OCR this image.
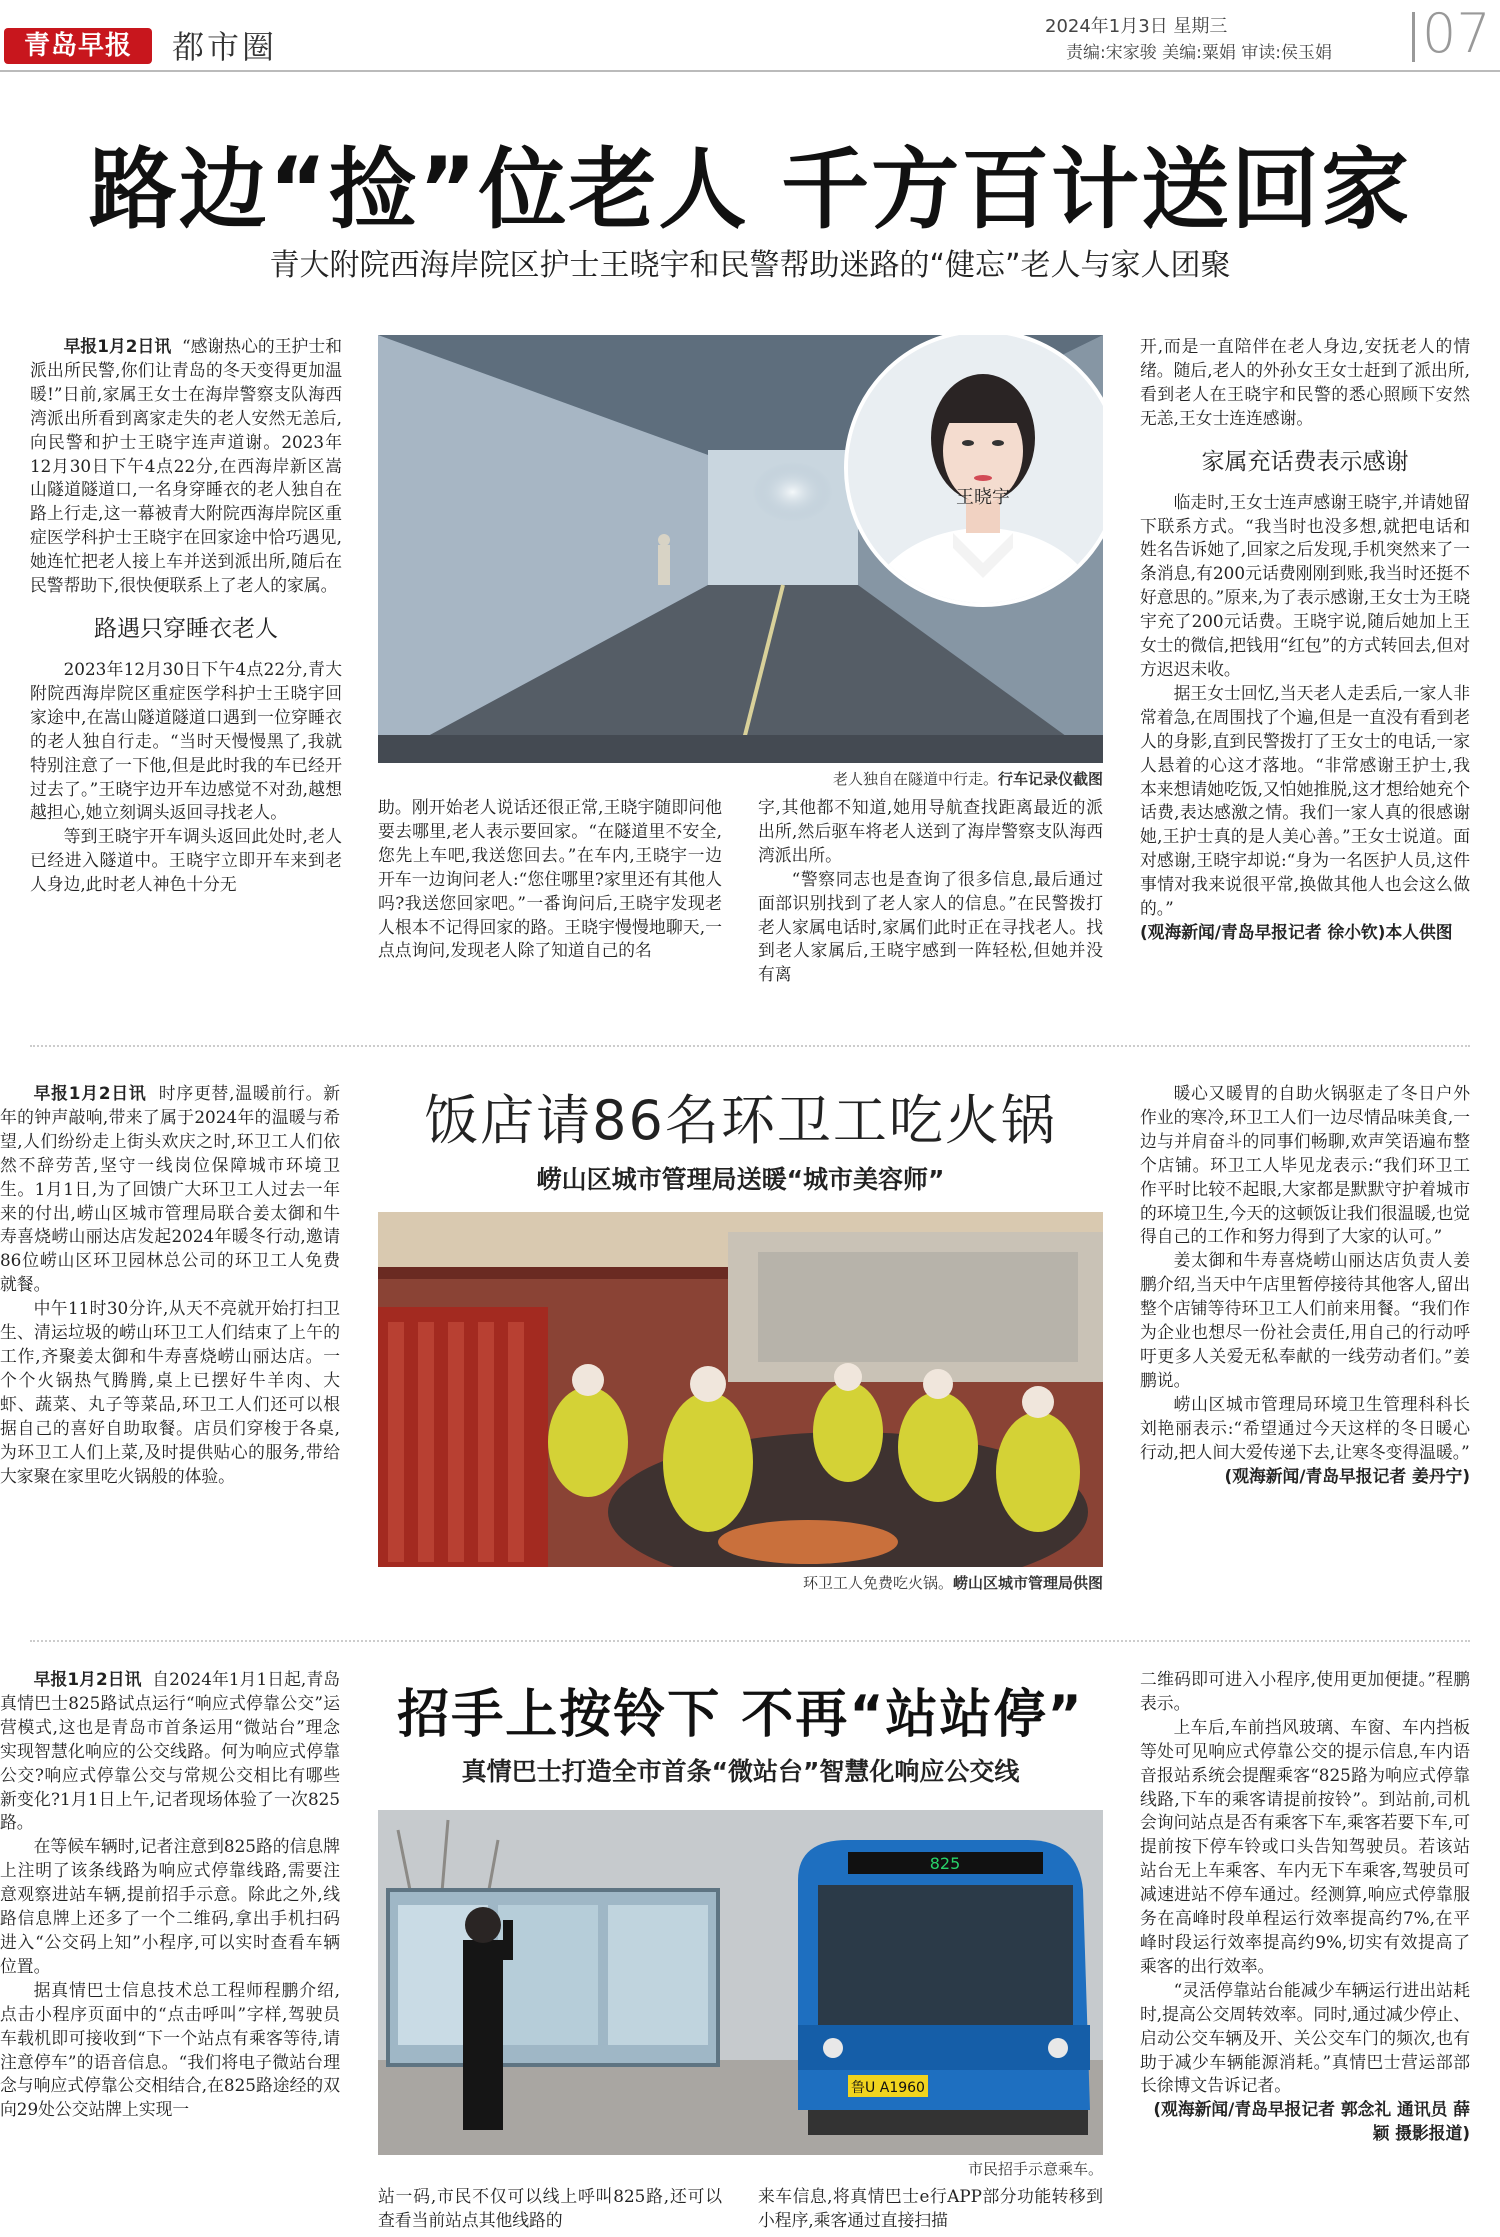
青岛早报	都市圈
2024年1月3日 星期三
责编:宋家骏 美编:粟娟 审读:侯玉娟 07
路边“捡”位老人 千方百计送回家
青大附院西海岸院区护士王晓宇和民警帮助迷路的“健忘”老人与家人团聚

早报1月2日讯 “感谢热心的王护士和派出所民警,你们让青岛的冬天变得更加温暖!”日前,家属王女士在海岸警察支队海西湾派出所看到离家走失的老人安然无恙后,向民警和护士王晓宇连声道谢。2023年12月30日下午4点22分,在西海岸新区嵩山隧道隧道口,一名身穿睡衣的老人独自在路上行走,这一幕被青大附院西海岸院区重症医学科护士王晓宇在回家途中恰巧遇见,她连忙把老人接上车并送到派出所,随后在民警帮助下,很快便联系上了老人的家属。

路遇只穿睡衣老人

2023年12月30日下午4点22分,青大附院西海岸院区重症医学科护士王晓宇回家途中,在嵩山隧道隧道口遇到一位穿睡衣的老人独自行走。“当时天慢慢黑了,我就特别注意了一下他,但是此时我的车已经开过去了。”王晓宇边开车边感觉不对劲,越想越担心,她立刻调头返回寻找老人。

等到王晓宇开车调头返回此处时,老人已经进入隧道中。王晓宇立即开车来到老人身边,此时老人神色十分无

王晓宇
老人独自在隧道中行走。行车记录仪截图

助。刚开始老人说话还很正常,王晓宇随即问他要去哪里,老人表示要回家。“在隧道里不安全,您先上车吧,我送您回去。”在车内,王晓宇一边开车一边询问老人:“您住哪里?家里还有其他人吗?我送您回家吧。”一番询问后,王晓宇发现老人根本不记得回家的路。王晓宇慢慢地聊天,一点点询问,发现老人除了知道自己的名

字,其他都不知道,她用导航查找距离最近的派出所,然后驱车将老人送到了海岸警察支队海西湾派出所。

“警察同志也是查询了很多信息,最后通过面部识别找到了老人家人的信息。”在民警拨打老人家属电话时,家属们此时正在寻找老人。找到老人家属后,王晓宇感到一阵轻松,但她并没有离

开,而是一直陪伴在老人身边,安抚老人的情绪。随后,老人的外孙女王女士赶到了派出所,看到老人在王晓宇和民警的悉心照顾下安然无恙,王女士连连感谢。

家属充话费表示感谢

临走时,王女士连声感谢王晓宇,并请她留下联系方式。“我当时也没多想,就把电话和姓名告诉她了,回家之后发现,手机突然来了一条消息,有200元话费刚刚到账,我当时还挺不好意思的。”原来,为了表示感谢,王女士为王晓宇充了200元话费。王晓宇说,随后她加上王女士的微信,把钱用“红包”的方式转回去,但对方迟迟未收。

据王女士回忆,当天老人走丢后,一家人非常着急,在周围找了个遍,但是一直没有看到老人的身影,直到民警拨打了王女士的电话,一家人悬着的心这才落地。“非常感谢王护士,我本来想请她吃饭,又怕她推脱,这才想给她充个话费,表达感激之情。我们一家人真的很感谢她,王护士真的是人美心善。”王女士说道。面对感谢,王晓宇却说:“身为一名医护人员,这件事情对我来说很平常,换做其他人也会这么做的。”

(观海新闻/青岛早报记者 徐小钦)本人供图

早报1月2日讯 时序更替,温暖前行。新年的钟声敲响,带来了属于2024年的温暖与希望,人们纷纷走上街头欢庆之时,环卫工人们依然不辞劳苦,坚守一线岗位保障城市环境卫生。1月1日,为了回馈广大环卫工人过去一年来的付出,崂山区城市管理局联合姜太御和牛寿喜烧崂山丽达店发起2024年暖冬行动,邀请86位崂山区环卫园林总公司的环卫工人免费就餐。

中午11时30分许,从天不亮就开始打扫卫生、清运垃圾的崂山环卫工人们结束了上午的工作,齐聚姜太御和牛寿喜烧崂山丽达店。一个个火锅热气腾腾,桌上已摆好牛羊肉、大虾、蔬菜、丸子等菜品,环卫工人们还可以根据自己的喜好自助取餐。店员们穿梭于各桌,为环卫工人们上菜,及时提供贴心的服务,带给大家聚在家里吃火锅般的体验。

饭店请86名环卫工吃火锅
崂山区城市管理局送暖“城市美容师”
环卫工人免费吃火锅。崂山区城市管理局供图

暖心又暖胃的自助火锅驱走了冬日户外作业的寒冷,环卫工人们一边尽情品味美食,一边与并肩奋斗的同事们畅聊,欢声笑语遍布整个店铺。环卫工人毕见龙表示:“我们环卫工作平时比较不起眼,大家都是默默守护着城市的环境卫生,今天的这顿饭让我们很温暖,也觉得自己的工作和努力得到了大家的认可。”

姜太御和牛寿喜烧崂山丽达店负责人姜鹏介绍,当天中午店里暂停接待其他客人,留出整个店铺等待环卫工人们前来用餐。“我们作为企业也想尽一份社会责任,用自己的行动呼吁更多人关爱无私奉献的一线劳动者们。”姜鹏说。

崂山区城市管理局环境卫生管理科科长刘艳丽表示:“希望通过今天这样的冬日暖心行动,把人间大爱传递下去,让寒冬变得温暖。”

(观海新闻/青岛早报记者 姜丹宁)

早报1月2日讯 自2024年1月1日起,青岛真情巴士825路试点运行“响应式停靠公交”运营模式,这也是青岛市首条运用“微站台”理念实现智慧化响应的公交线路。何为响应式停靠公交?响应式停靠公交与常规公交相比有哪些新变化?1月1日上午,记者现场体验了一次825路。

在等候车辆时,记者注意到825路的信息牌上注明了该条线路为响应式停靠线路,需要注意观察进站车辆,提前招手示意。除此之外,线路信息牌上还多了一个二维码,拿出手机扫码进入“公交码上知”小程序,可以实时查看车辆位置。

据真情巴士信息技术总工程师程鹏介绍,点击小程序页面中的“点击呼叫”字样,驾驶员车载机即可接收到“下一个站点有乘客等待,请注意停车”的语音信息。“我们将电子微站台理念与响应式停靠公交相结合,在825路途经的双向29处公交站牌上实现一

招手上按铃下 不再“站站停”
真情巴士打造全市首条“微站台”智慧化响应公交线
825
鲁U A1960
市民招手示意乘车。

站一码,市民不仅可以线上呼叫825路,还可以查看当前站点其他线路的

来车信息,将真情巴士e行APP部分功能转移到小程序,乘客通过直接扫描

二维码即可进入小程序,使用更加便捷。”程鹏表示。

上车后,车前挡风玻璃、车窗、车内挡板等处可见响应式停靠公交的提示信息,车内语音报站系统会提醒乘客“825路为响应式停靠线路,下车的乘客请提前按铃”。到站前,司机会询问站点是否有乘客下车,乘客若要下车,可提前按下停车铃或口头告知驾驶员。若该站站台无上车乘客、车内无下车乘客,驾驶员可减速进站不停车通过。经测算,响应式停靠服务在高峰时段单程运行效率提高约7%,在平峰时段运行效率提高约9%,切实有效提高了乘客的出行效率。

“灵活停靠站台能减少车辆运行进出站耗时,提高公交周转效率。同时,通过减少停止、启动公交车辆及开、关公交车门的频次,也有助于减少车辆能源消耗。”真情巴士营运部部长徐博文告诉记者。

(观海新闻/青岛早报记者 郭念礼 通讯员 薛颖 摄影报道)
